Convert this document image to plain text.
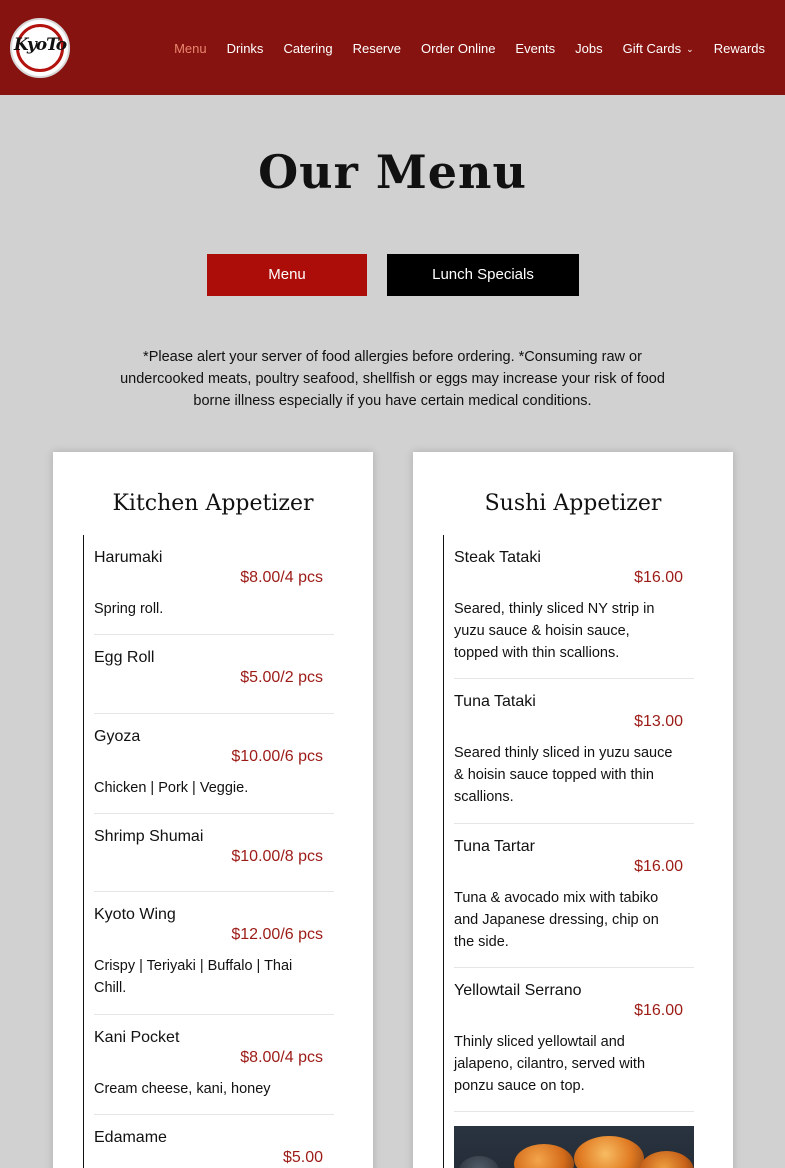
KyoTo	Menu Drinks Catering Reserve Order Online Events Jobs Gift Cards ⌄ Rewards
Our Menu
Menu	Lunch Specials

*Please alert your server of food allergies before ordering. *Consuming raw or undercooked meats, poultry seafood, shellfish or eggs may increase your risk of food borne illness especially if you have certain medical conditions.

Kitchen Appetizer
Harumaki
$8.00/4 pcs
Spring roll.
Egg Roll
$5.00/2 pcs
Gyoza
$10.00/6 pcs
Chicken | Pork | Veggie.
Shrimp Shumai
$10.00/8 pcs
Kyoto Wing
$12.00/6 pcs
Crispy | Teriyaki | Buffalo | Thai Chill.
Kani Pocket
$8.00/4 pcs
Cream cheese, kani, honey
Edamame
$5.00
Sushi Appetizer
Steak Tataki
$16.00
Seared, thinly sliced NY strip in yuzu sauce & hoisin sauce, topped with thin scallions.
Tuna Tataki
$13.00
Seared thinly sliced in yuzu sauce & hoisin sauce topped with thin scallions.
Tuna Tartar
$16.00
Tuna & avocado mix with tabiko and Japanese dressing, chip on the side.
Yellowtail Serrano
$16.00
Thinly sliced yellowtail and jalapeno, cilantro, served with ponzu sauce on top.
